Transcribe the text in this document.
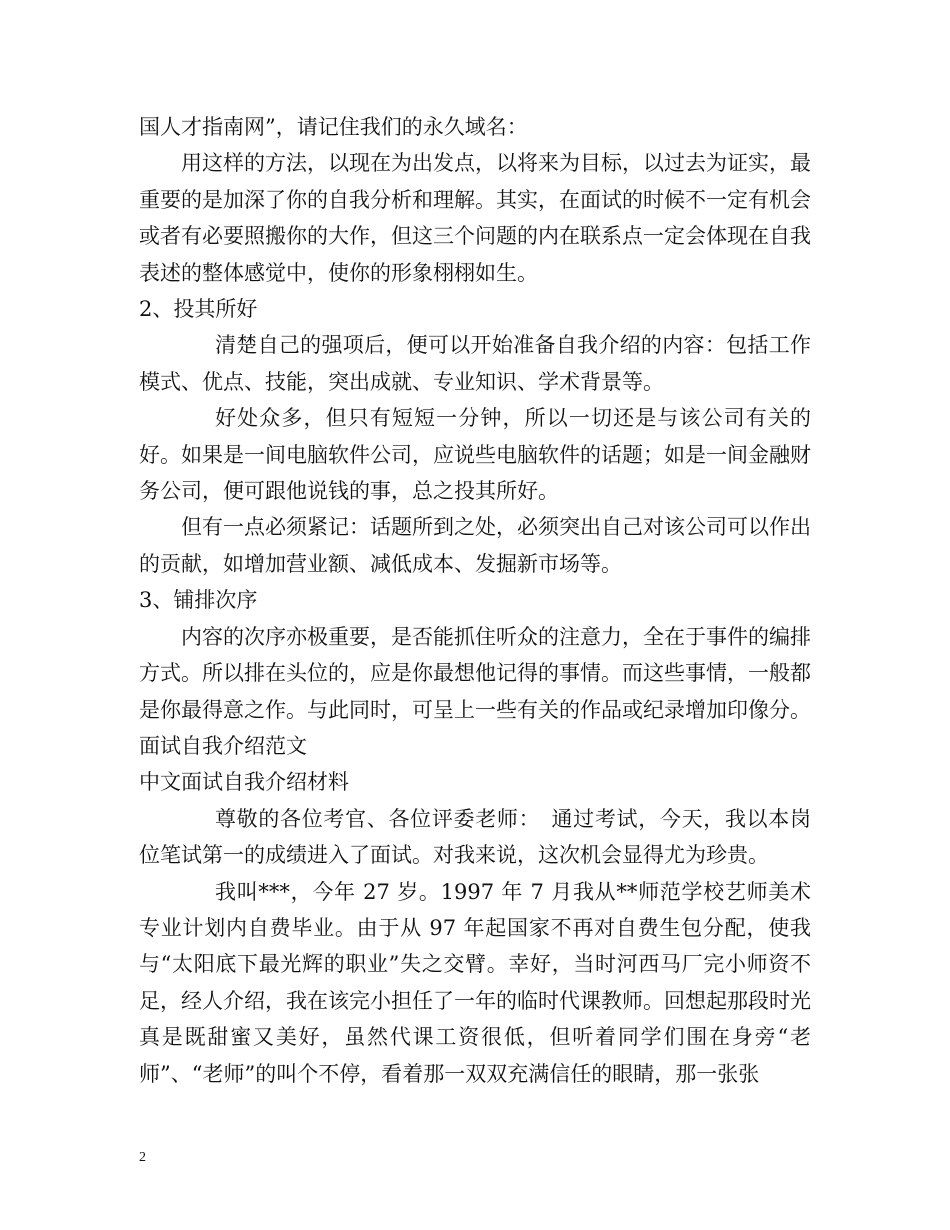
国人才指南网”，请记住我们的永久域名：

用这样的方法，以现在为出发点，以将来为目标，以过去为证实，最重要的是加深了你的自我分析和理解。其实，在面试的时候不一定有机会或者有必要照搬你的大作，但这三个问题的内在联系点一定会体现在自我表述的整体感觉中，使你的形象栩栩如生。

2、投其所好

清楚自己的强项后，便可以开始准备自我介绍的内容：包括工作模式、优点、技能，突出成就、专业知识、学术背景等。

好处众多，但只有短短一分钟，所以一切还是与该公司有关的好。如果是一间电脑软件公司，应说些电脑软件的话题；如是一间金融财务公司，便可跟他说钱的事，总之投其所好。

但有一点必须紧记：话题所到之处，必须突出自己对该公司可以作出的贡献，如增加营业额、减低成本、发掘新市场等。

3、铺排次序

内容的次序亦极重要，是否能抓住听众的注意力，全在于事件的编排方式。所以排在头位的，应是你最想他记得的事情。而这些事情，一般都是你最得意之作。与此同时，可呈上一些有关的作品或纪录增加印像分。

面试自我介绍范文

中文面试自我介绍材料

尊敬的各位考官、各位评委老师：　通过考试，今天，我以本岗位笔试第一的成绩进入了面试。对我来说，这次机会显得尤为珍贵。

我叫***，今年 27 岁。1997 年 7 月我从**师范学校艺师美术专业计划内自费毕业。由于从 97 年起国家不再对自费生包分配，使我与“太阳底下最光辉的职业”失之交臂。幸好，当时河西马厂完小师资不足，经人介绍，我在该完小担任了一年的临时代课教师。回想起那段时光真是既甜蜜又美好，虽然代课工资很低，但听着同学们围在身旁“老师”、“老师”的叫个不停，看着那一双双充满信任的眼睛，那一张张

2
